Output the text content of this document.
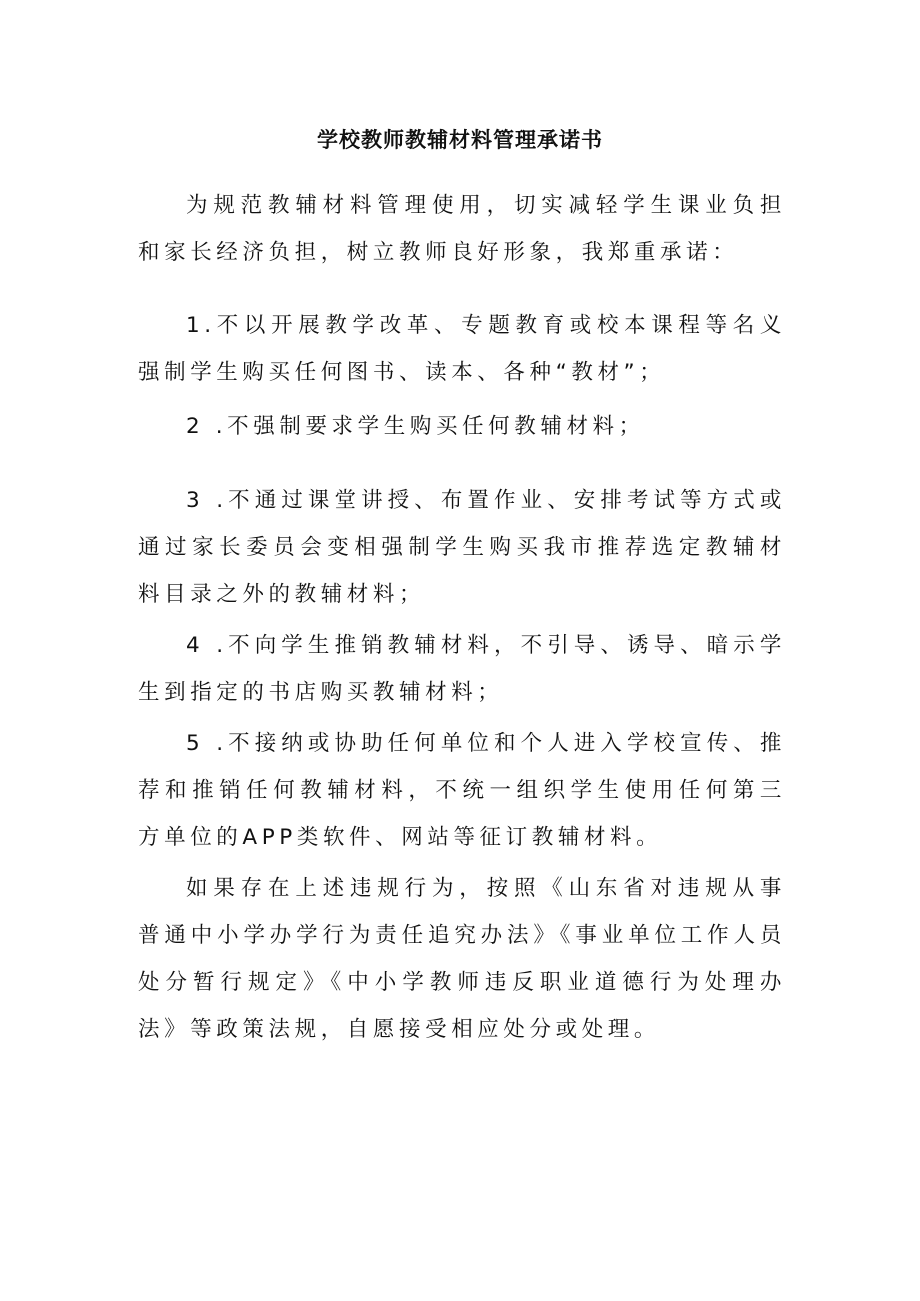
学校教师教辅材料管理承诺书

为规范教辅材料管理使用，切实减轻学生课业负担和家长经济负担，树立教师良好形象，我郑重承诺：

1.不以开展教学改革、专题教育或校本课程等名义强制学生购买任何图书、读本、各种“教材”；

2 .不强制要求学生购买任何教辅材料；

3 .不通过课堂讲授、布置作业、安排考试等方式或通过家长委员会变相强制学生购买我市推荐选定教辅材料目录之外的教辅材料；

4 .不向学生推销教辅材料，不引导、诱导、暗示学生到指定的书店购买教辅材料；

5 .不接纳或协助任何单位和个人进入学校宣传、推荐和推销任何教辅材料，不统一组织学生使用任何第三方单位的APP类软件、网站等征订教辅材料。

如果存在上述违规行为，按照《山东省对违规从事普通中小学办学行为责任追究办法》《事业单位工作人员处分暂行规定》《中小学教师违反职业道德行为处理办法》等政策法规，自愿接受相应处分或处理。
